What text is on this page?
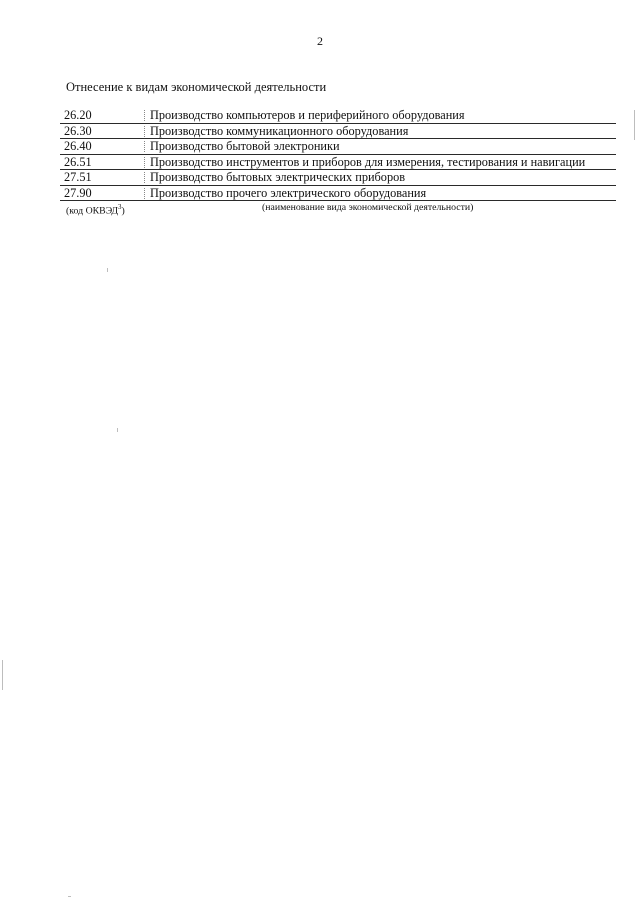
2
Отнесение к видам экономической деятельности
26.20	Производство компьютеров и периферийного оборудования
26.30	Производство коммуникационного оборудования
26.40	Производство бытовой электроники
26.51	Производство инструментов и приборов для измерения, тестирования и навигации
27.51	Производство бытовых электрических приборов
27.90	Производство прочего электрического оборудования
(код ОКВЭД$^3$)	(наименование вида экономической деятельности)
